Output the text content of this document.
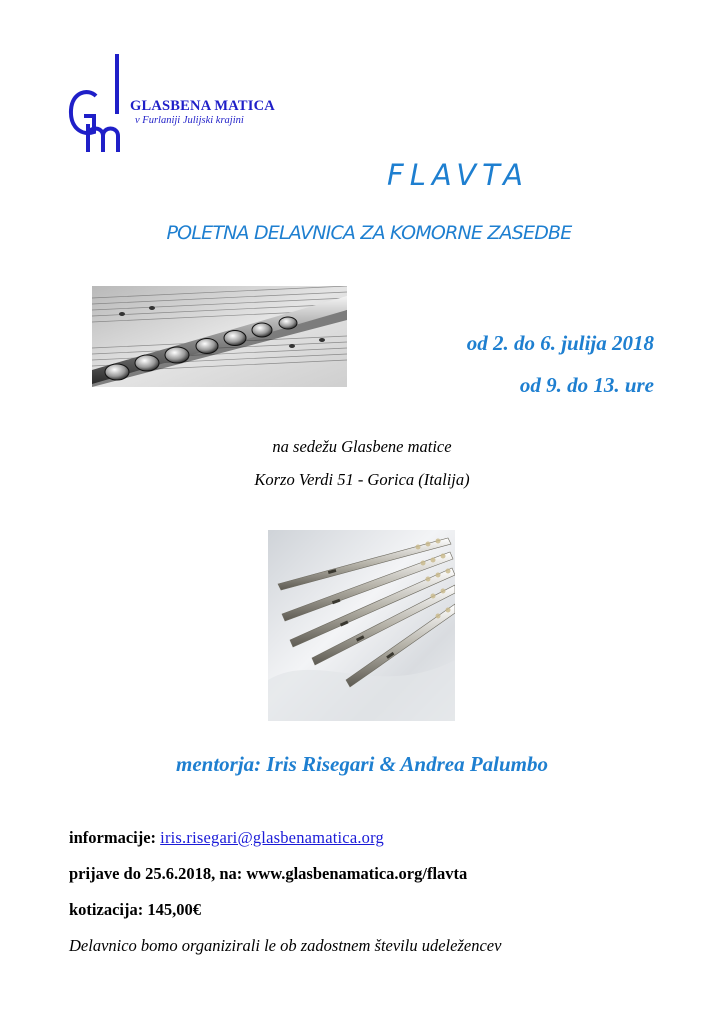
GLASBENA MATICA
v Furlaniji Julijski krajini
FLAVTA
POLETNA DELAVNICA ZA KOMORNE ZASEDBE
od 2. do 6. julija 2018
od 9. do 13. ure
na sedežu Glasbene matice
Korzo Verdi 51 - Gorica (Italija)
mentorja: Iris Risegari & Andrea Palumbo
informacije: iris.risegari@glasbenamatica.org
prijave do 25.6.2018, na: www.glasbenamatica.org/flavta
kotizacija: 145,00€
Delavnico bomo organizirali le ob zadostnem številu udeležencev
